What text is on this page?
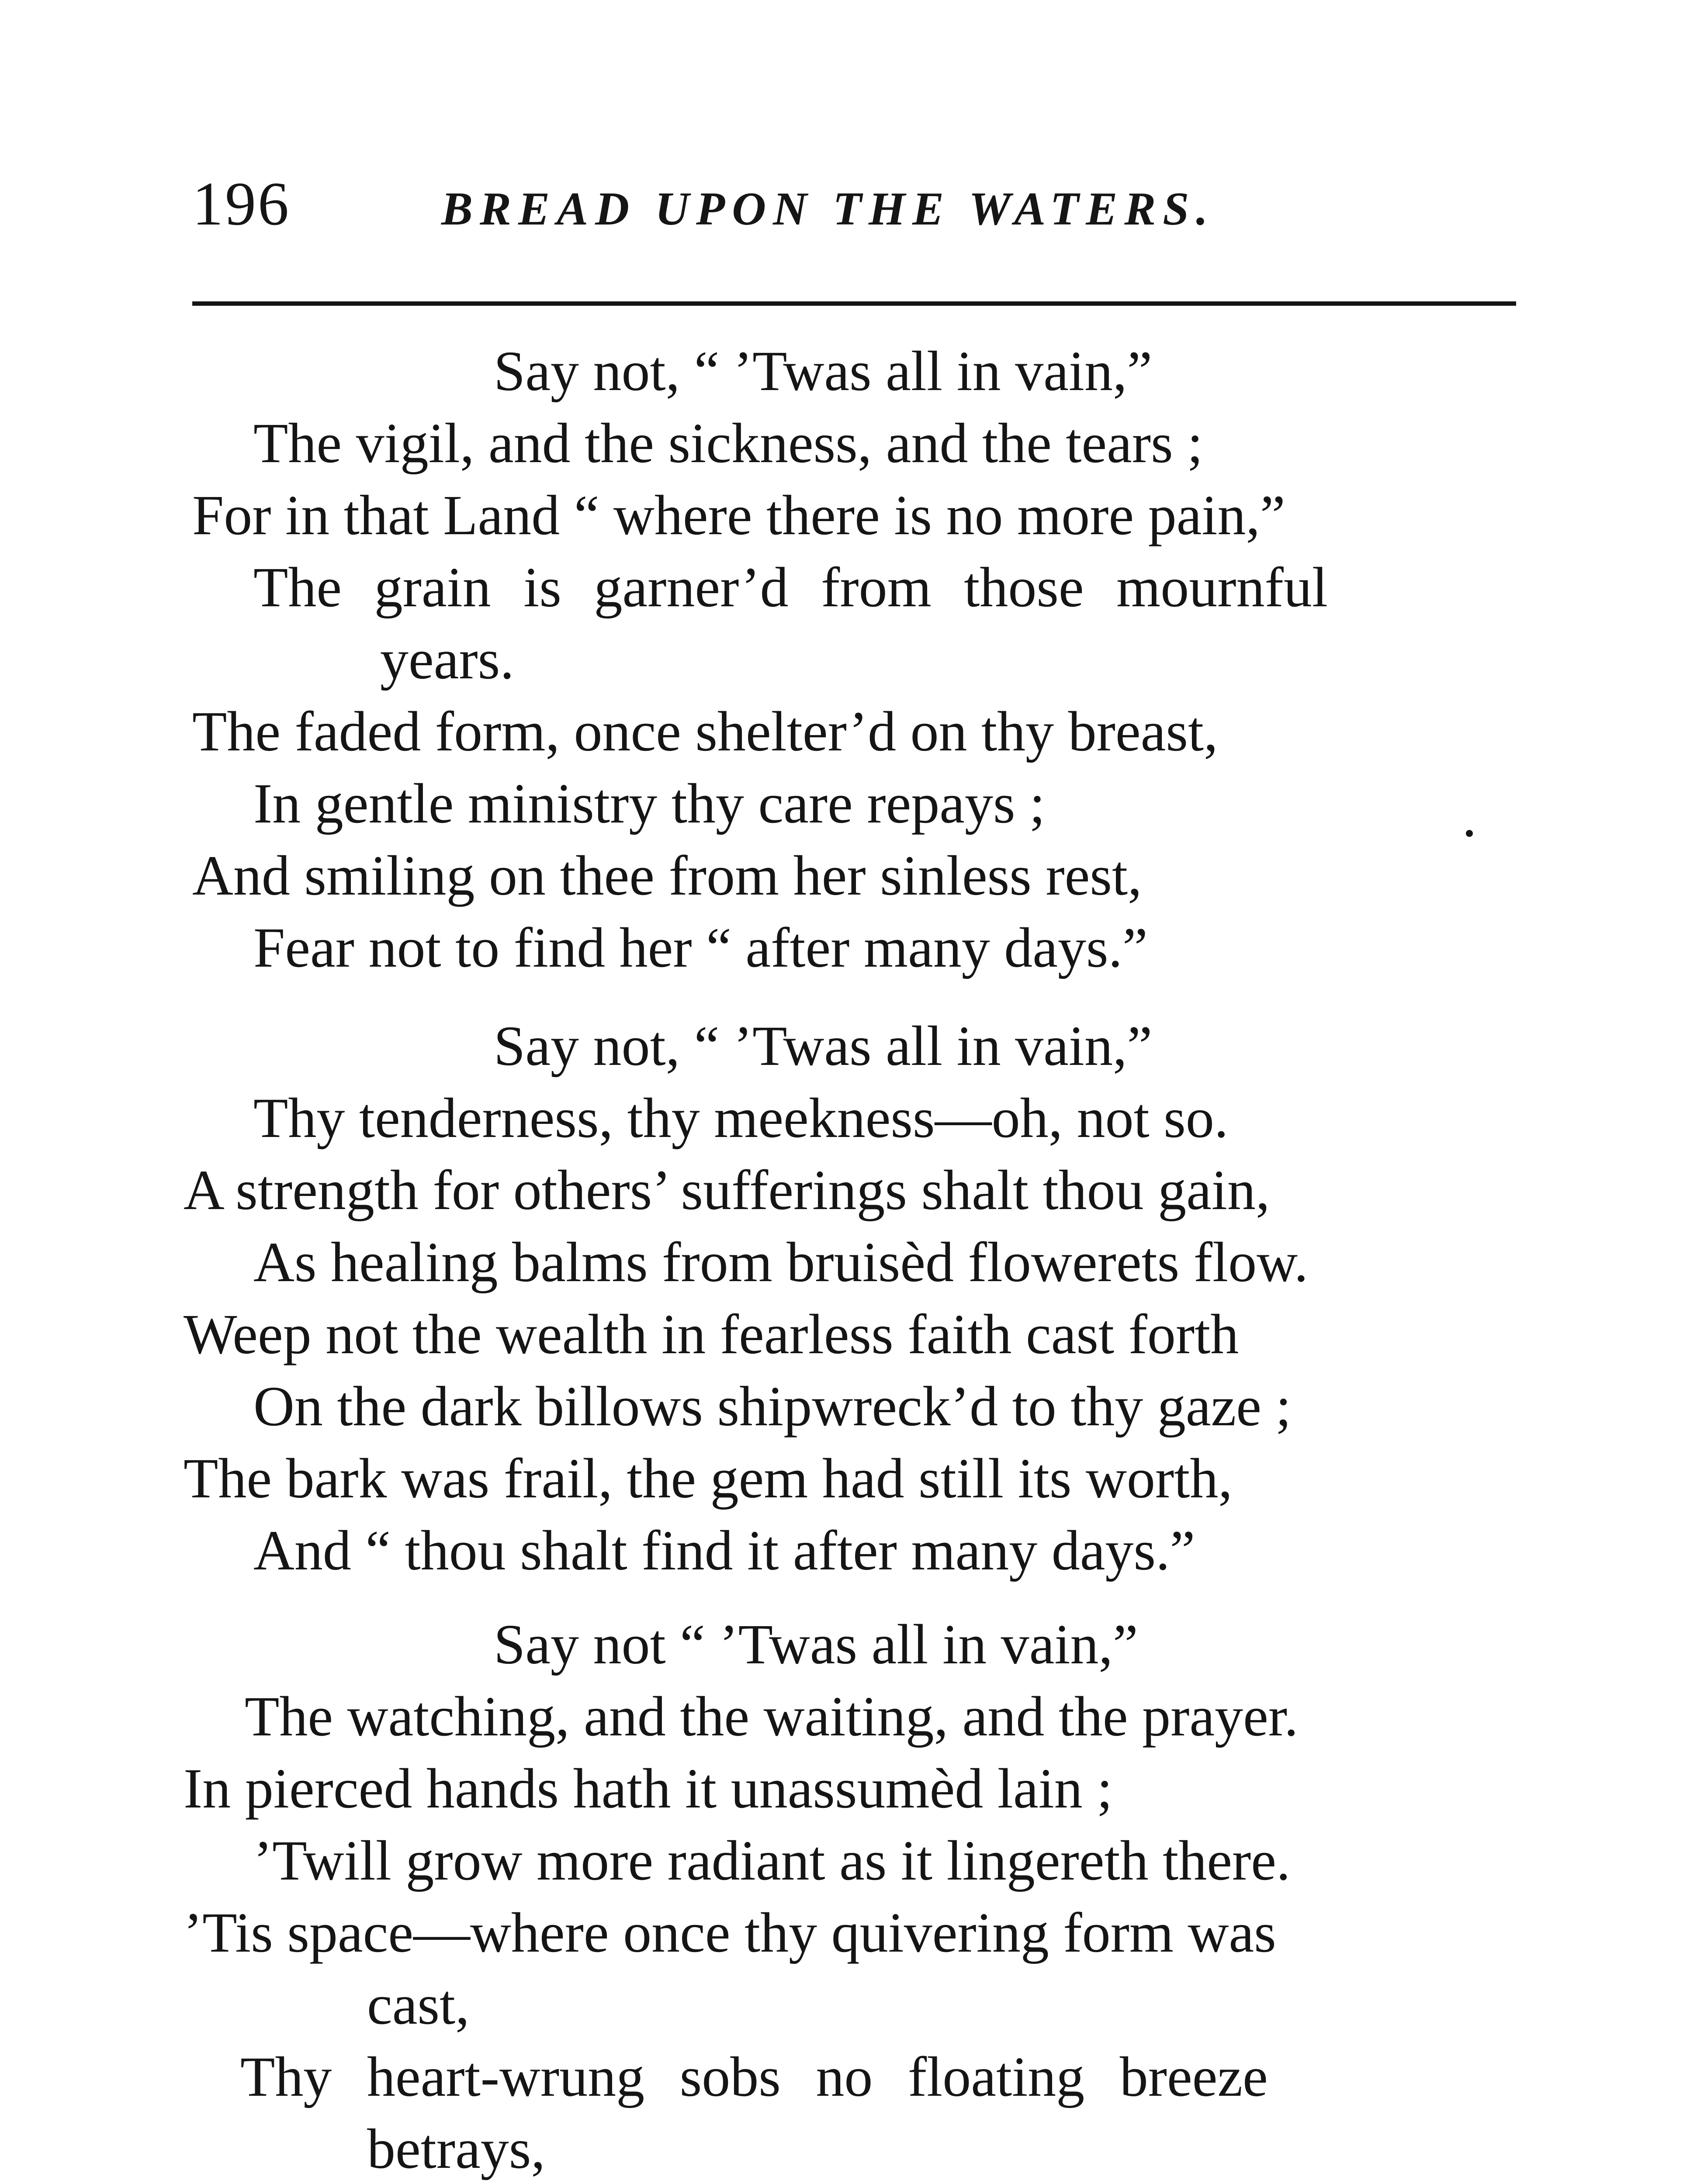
196	BREAD UPON THE WATERS.
Say not, “ ’Twas all in vain,”
The vigil, and the sickness, and the tears ;
For in that Land “ where there is no more pain,”
The grain is garner’d from those mournful
years.
The faded form, once shelter’d on thy breast,
In gentle ministry thy care repays ;
And smiling on thee from her sinless rest,
Fear not to find her “ after many days.”
Say not, “ ’Twas all in vain,”
Thy tenderness, thy meekness—oh, not so.
A strength for others’ sufferings shalt thou gain,
As healing balms from bruisèd flowerets flow.
Weep not the wealth in fearless faith cast forth
On the dark billows shipwreck’d to thy gaze ;
The bark was frail, the gem had still its worth,
And “ thou shalt find it after many days.”
Say not “ ’Twas all in vain,”
The watching, and the waiting, and the prayer.
In pierced hands hath it unassumèd lain ;
’Twill grow more radiant as it lingereth there.
’Tis space—where once thy quivering form was
cast,
Thy heart-wrung sobs no floating breeze
betrays,
